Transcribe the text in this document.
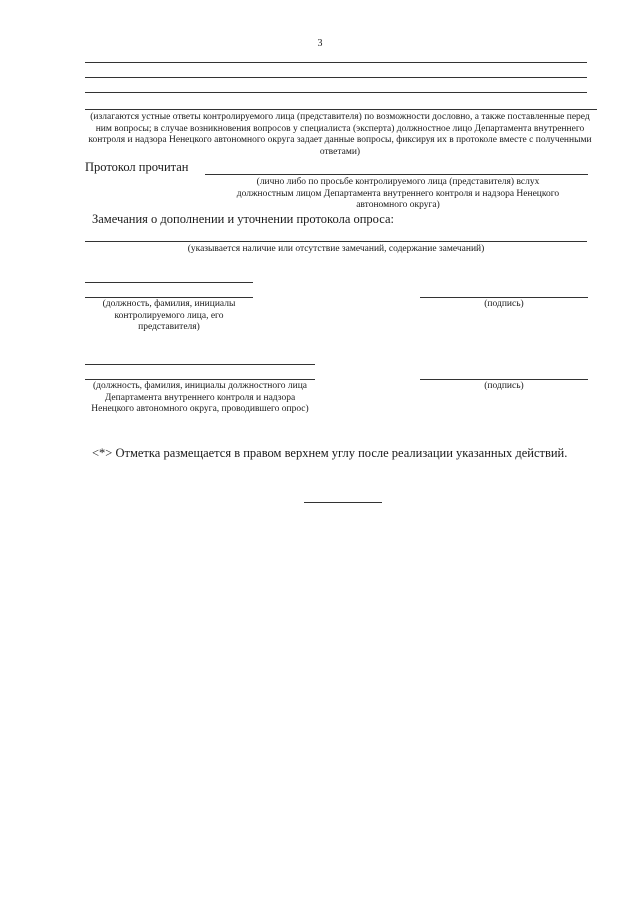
3
(излагаются устные ответы контролируемого лица (представителя) по возможности дословно, а также поставленные перед ним вопросы; в случае возникновения вопросов у специалиста (эксперта) должностное лицо Департамента внутреннего контроля и надзора Ненецкого автономного округа задает данные вопросы, фиксируя их в протоколе вместе с полученными ответами)
Протокол прочитан
(лично либо по просьбе контролируемого лица (представителя) вслух должностным лицом Департамента внутреннего контроля и надзора Ненецкого автономного округа)
Замечания о дополнении и уточнении протокола опроса:
(указывается наличие или отсутствие замечаний, содержание замечаний)
(должность, фамилия, инициалы контролируемого лица, его представителя)
(подпись)
(должность, фамилия, инициалы должностного лица Департамента внутреннего контроля и надзора Ненецкого автономного округа, проводившего опрос)
(подпись)
<*> Отметка размещается в правом верхнем углу после реализации указанных действий.
